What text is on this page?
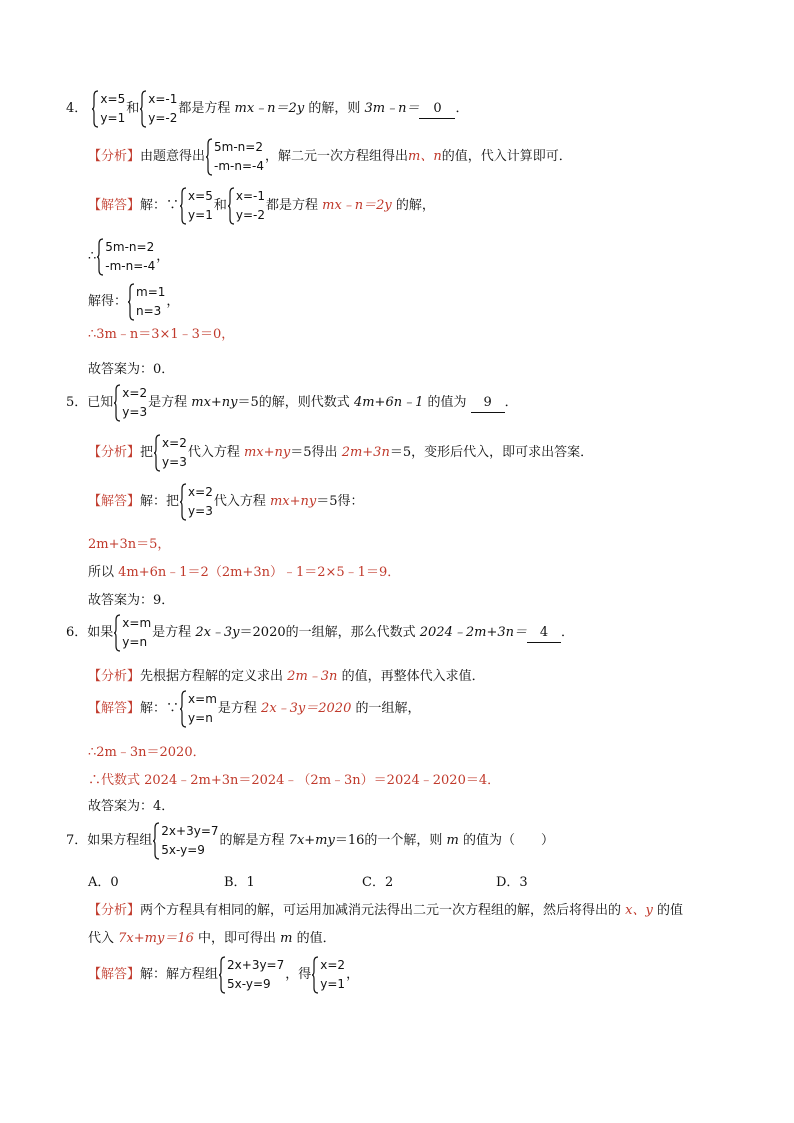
4．
x=5
y=1
和
x=-1
y=-2
都是方程 mx﹣n＝2y 的解，则 3m﹣n＝ 0 ．
【分析】由题意得出
5m-n=2
-m-n=-4
，解二元一次方程组得出m、n的值，代入计算即可．
【解答】解：∵
x=5
y=1
和
x=-1
y=-2
都是方程 mx﹣n＝2y 的解，
∴
5m-n=2
-m-n=-4
，
解得：
m=1
n=3
，
∴3m﹣n＝3×1﹣3＝0，
故答案为：0．
5．已知
x=2
y=3
是方程 mx+ny＝5的解，则代数式 4m+6n﹣1 的值为 9 ．
【分析】把
x=2
y=3
代入方程 mx+ny＝5得出 2m+3n＝5，变形后代入，即可求出答案．
【解答】解：把
x=2
y=3
代入方程 mx+ny＝5得：
2m+3n＝5，
所以 4m+6n﹣1＝2（2m+3n）﹣1＝2×5﹣1＝9．
故答案为：9．
6．如果
x=m
y=n
是方程 2x﹣3y＝2020的一组解，那么代数式 2024﹣2m+3n＝ 4 ．
【分析】先根据方程解的定义求出 2m﹣3n 的值，再整体代入求值．
【解答】解：∵
x=m
y=n
是方程 2x﹣3y＝2020 的一组解，
∴2m﹣3n＝2020．
∴代数式 2024﹣2m+3n＝2024﹣（2m﹣3n）＝2024﹣2020＝4．
故答案为：4．
7．如果方程组
2x+3y=7
5x-y=9
的解是方程 7x+my＝16的一个解，则 m 的值为（　　）
A．0	B．1	C．2	D．3
【分析】两个方程具有相同的解，可运用加减消元法得出二元一次方程组的解，然后将得出的 x、y 的值
代入 7x+my＝16 中，即可得出 m 的值．
【解答】解：解方程组
2x+3y=7
5x-y=9
，得
x=2
y=1
，
